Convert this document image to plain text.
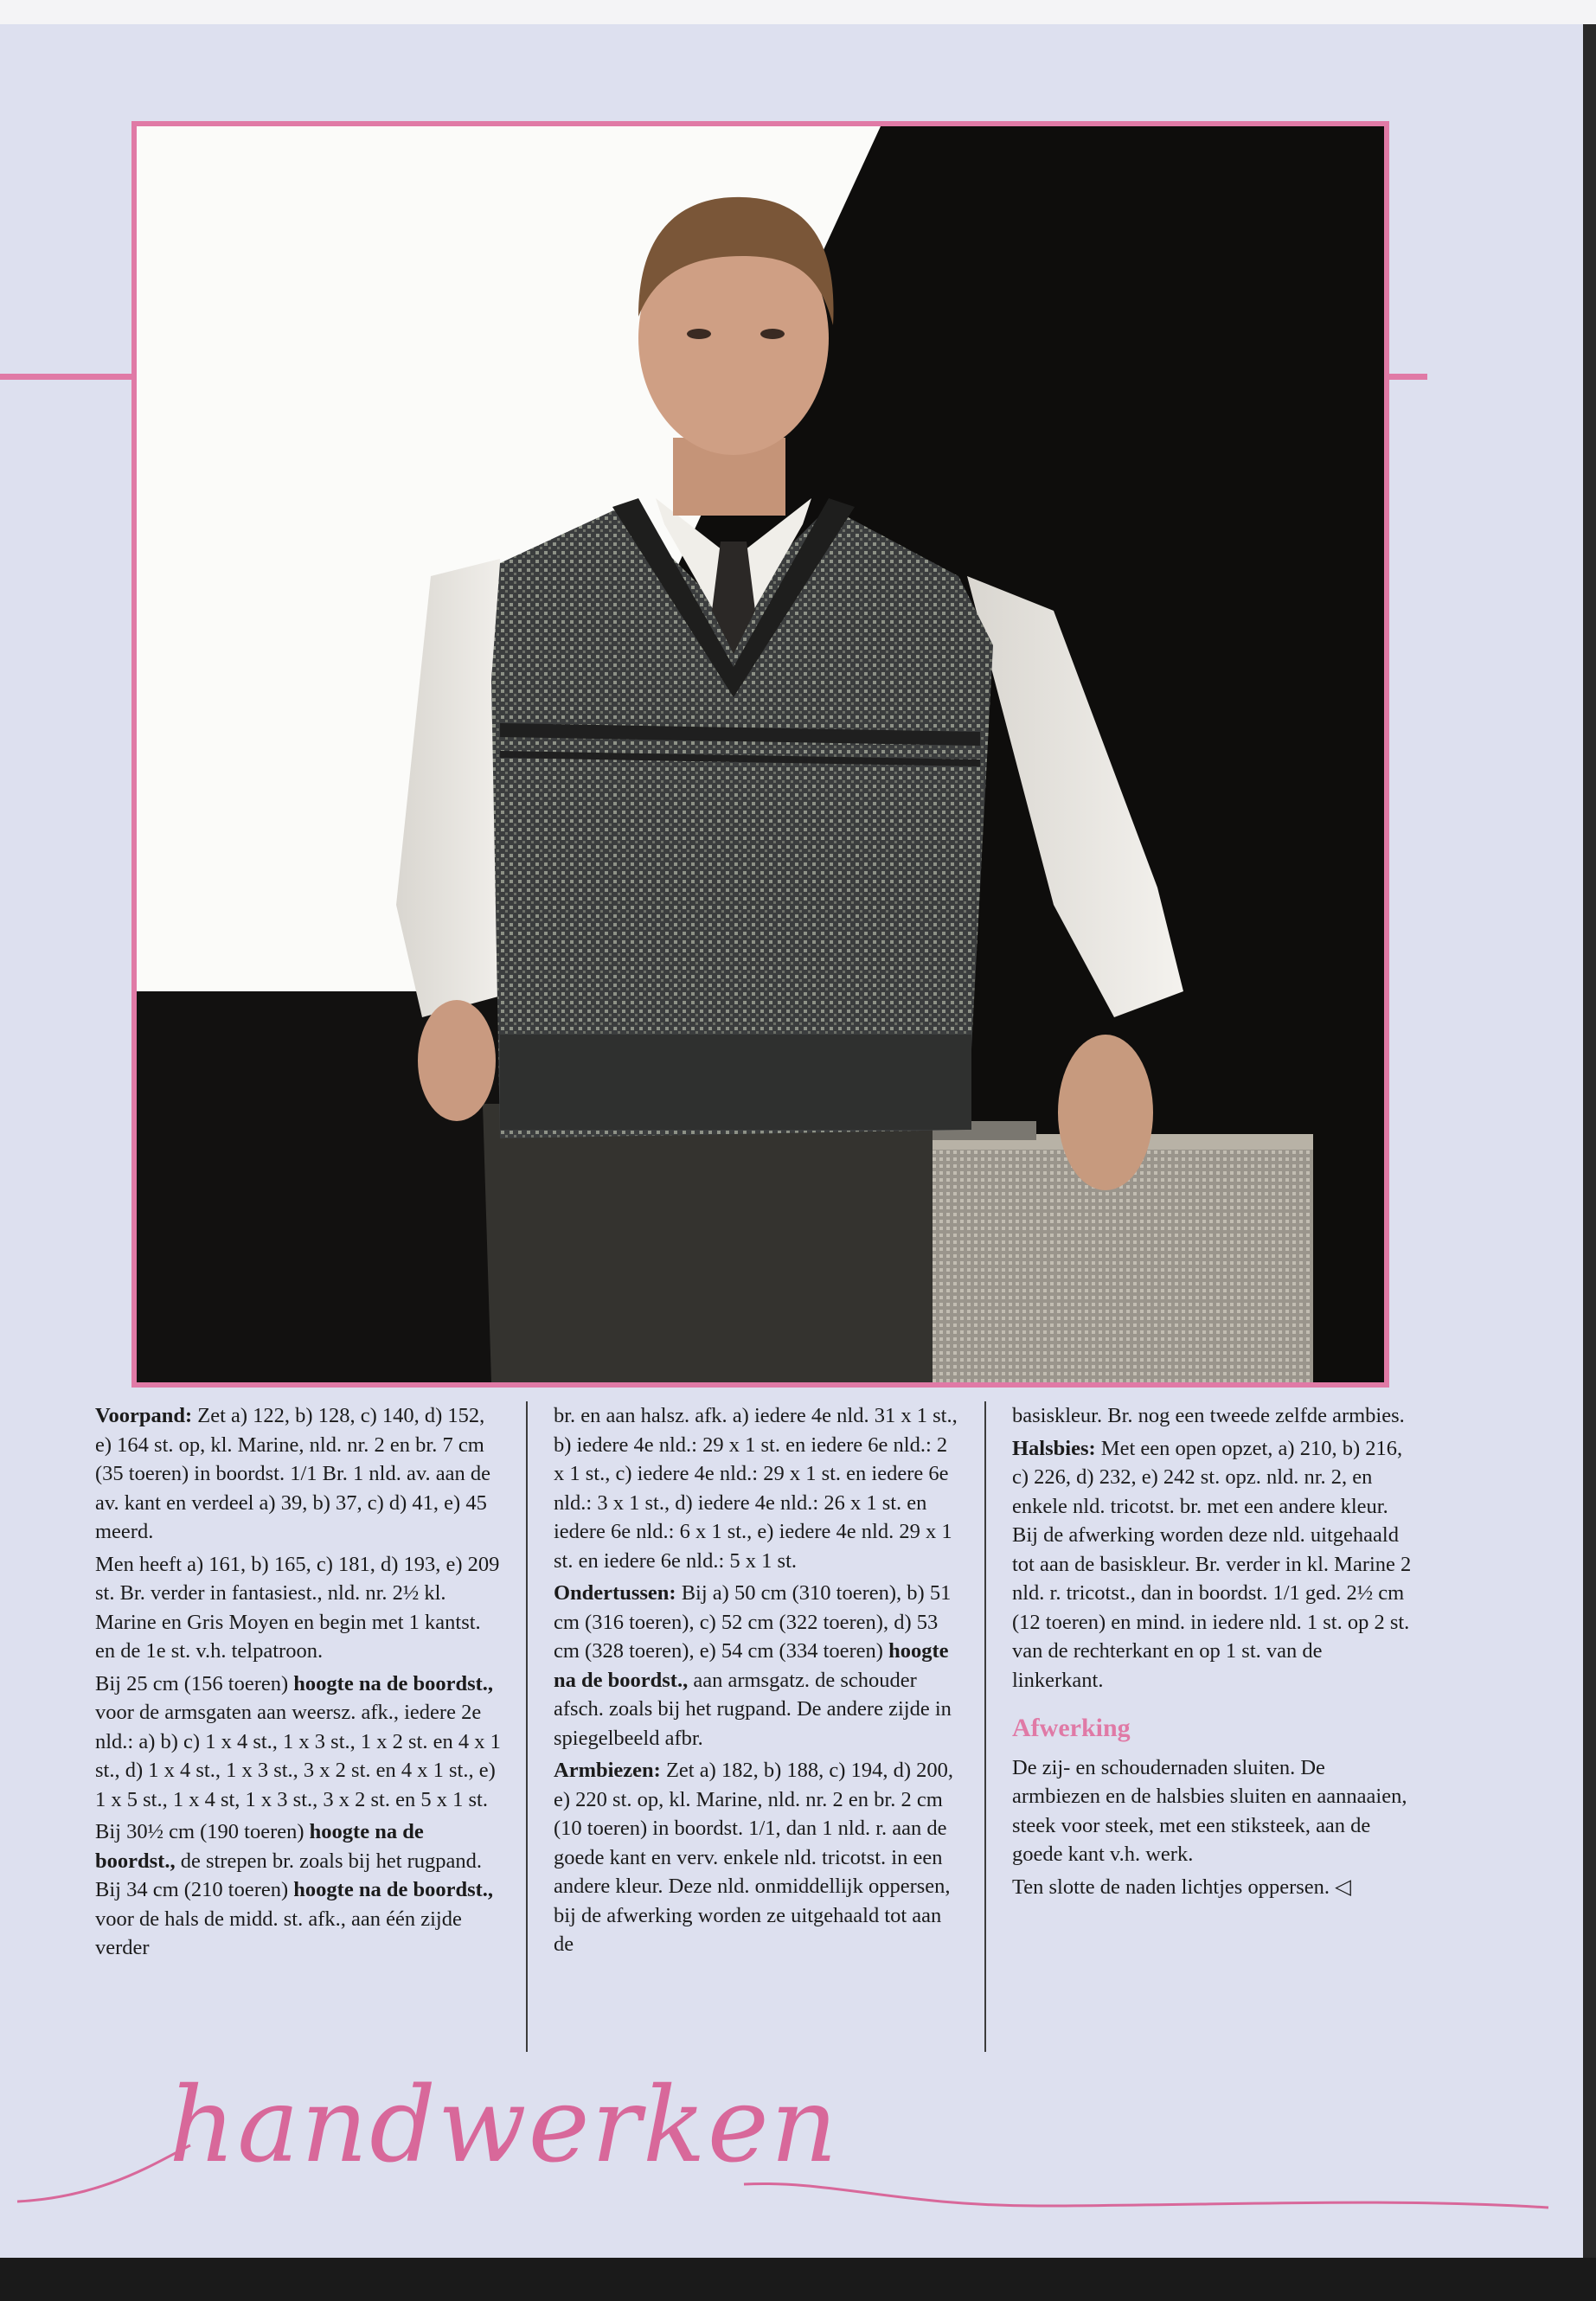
Voorpand: Zet a) 122, b) 128, c) 140, d) 152, e) 164 st. op, kl. Marine, nld. nr. 2 en br. 7 cm (35 toeren) in boordst. 1/1 Br. 1 nld. av. aan de av. kant en verdeel a) 39, b) 37, c) d) 41, e) 45 meerd.

Men heeft a) 161, b) 165, c) 181, d) 193, e) 209 st. Br. verder in fantasiest., nld. nr. 2½ kl. Marine en Gris Moyen en begin met 1 kantst. en de 1e st. v.h. telpatroon.

Bij 25 cm (156 toeren) hoogte na de boordst., voor de armsgaten aan weersz. afk., iedere 2e nld.: a) b) c) 1 x 4 st., 1 x 3 st., 1 x 2 st. en 4 x 1 st., d) 1 x 4 st., 1 x 3 st., 3 x 2 st. en 4 x 1 st., e) 1 x 5 st., 1 x 4 st, 1 x 3 st., 3 x 2 st. en 5 x 1 st.

Bij 30½ cm (190 toeren) hoogte na de boordst., de strepen br. zoals bij het rugpand. Bij 34 cm (210 toeren) hoogte na de boordst., voor de hals de midd. st. afk., aan één zijde verder

br. en aan halsz. afk. a) iedere 4e nld. 31 x 1 st., b) iedere 4e nld.: 29 x 1 st. en iedere 6e nld.: 2 x 1 st., c) iedere 4e nld.: 29 x 1 st. en iedere 6e nld.: 3 x 1 st., d) iedere 4e nld.: 26 x 1 st. en iedere 6e nld.: 6 x 1 st., e) iedere 4e nld. 29 x 1 st. en iedere 6e nld.: 5 x 1 st.

Ondertussen: Bij a) 50 cm (310 toeren), b) 51 cm (316 toeren), c) 52 cm (322 toeren), d) 53 cm (328 toeren), e) 54 cm (334 toeren) hoogte na de boordst., aan armsgatz. de schouder afsch. zoals bij het rugpand. De andere zijde in spiegelbeeld afbr.

Armbiezen: Zet a) 182, b) 188, c) 194, d) 200, e) 220 st. op, kl. Marine, nld. nr. 2 en br. 2 cm (10 toeren) in boordst. 1/1, dan 1 nld. r. aan de goede kant en verv. enkele nld. tricotst. in een andere kleur. Deze nld. onmiddellijk oppersen, bij de afwerking worden ze uitgehaald tot aan de

basiskleur. Br. nog een tweede zelfde armbies.

Halsbies: Met een open opzet, a) 210, b) 216, c) 226, d) 232, e) 242 st. opz. nld. nr. 2, en enkele nld. tricotst. br. met een andere kleur. Bij de afwerking worden deze nld. uitgehaald tot aan de basiskleur. Br. verder in kl. Marine 2 nld. r. tricotst., dan in boordst. 1/1 ged. 2½ cm (12 toeren) en mind. in iedere nld. 1 st. op 2 st. van de rechterkant en op 1 st. van de linkerkant.

Afwerking

De zij- en schoudernaden sluiten. De armbiezen en de halsbies sluiten en aannaaien, steek voor steek, met een stiksteek, aan de goede kant v.h. werk.

Ten slotte de naden lichtjes oppersen. ◁

handwerken
